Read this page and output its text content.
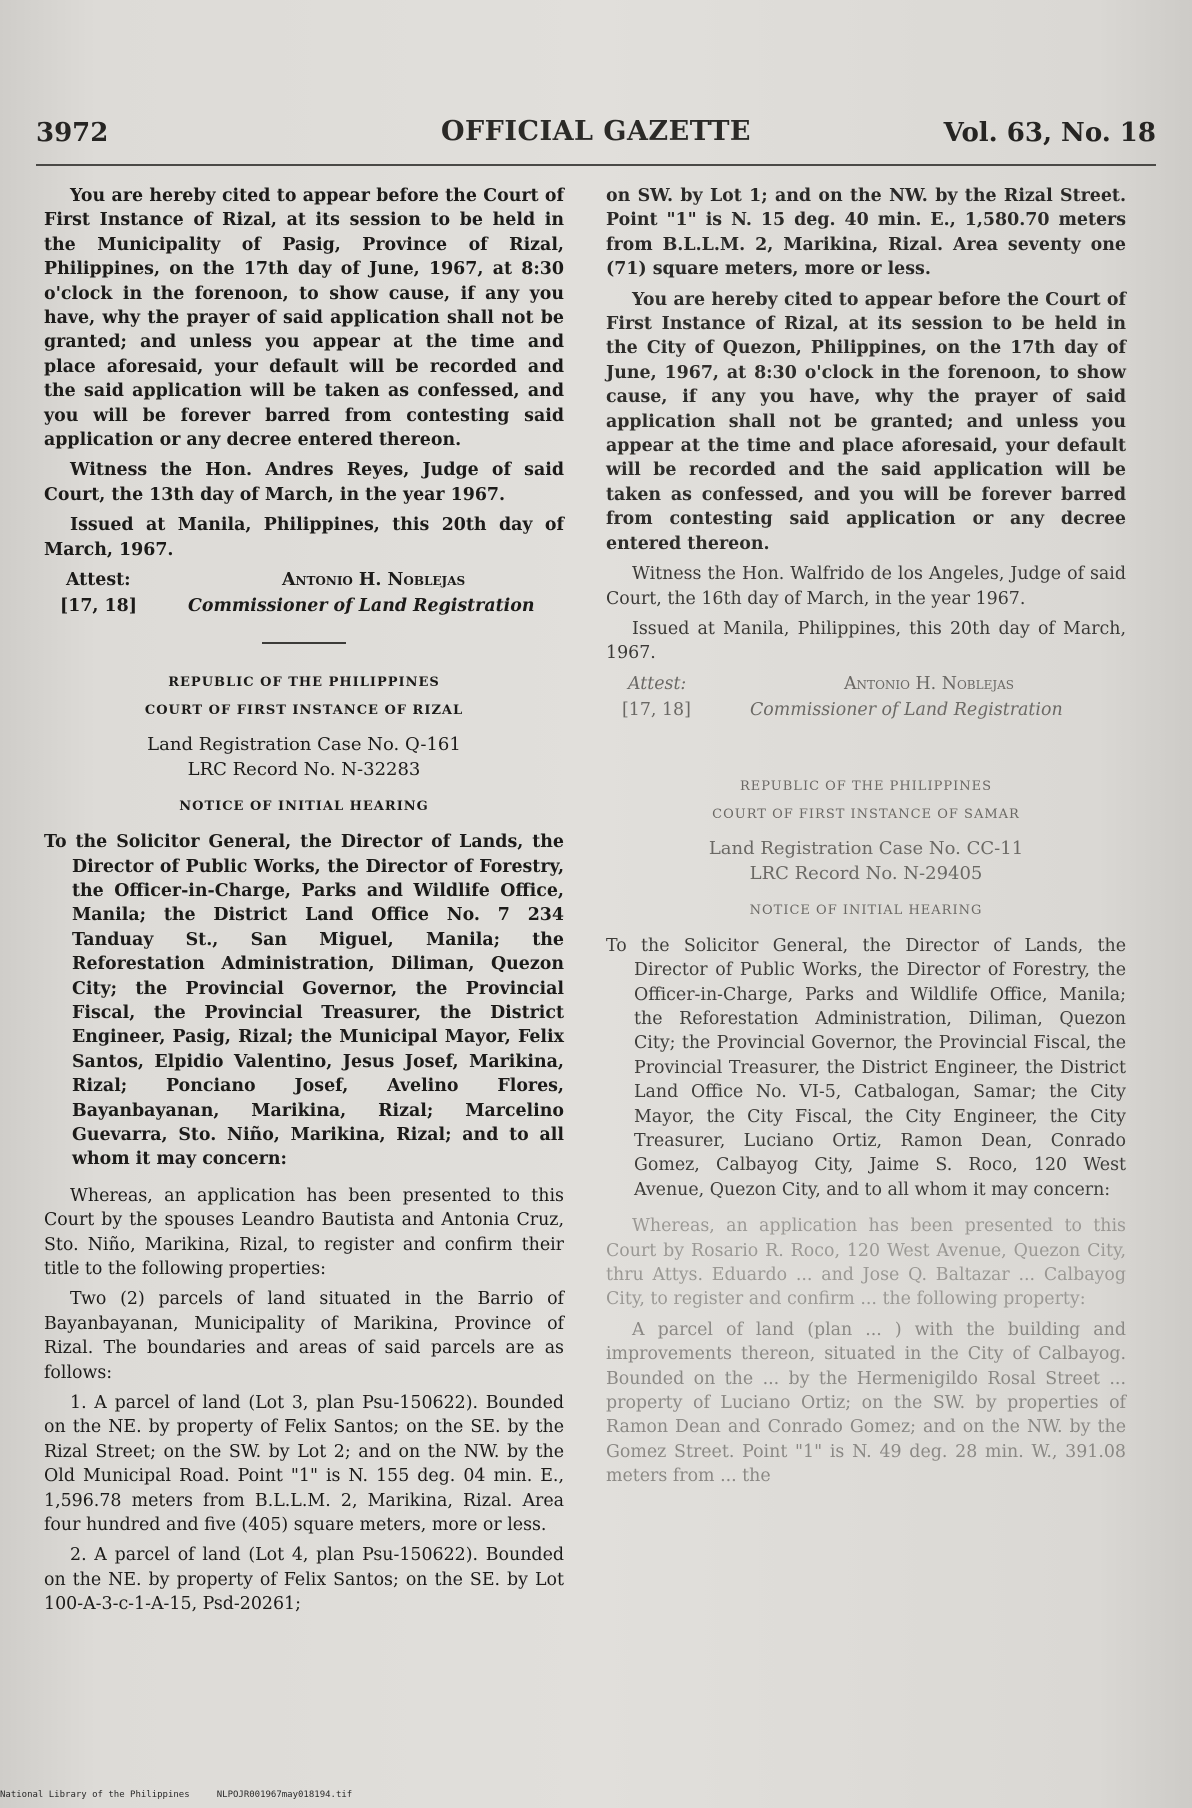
3972	OFFICIAL GAZETTE	Vol. 63, No. 18

You are hereby cited to appear before the Court of First Instance of Rizal, at its session to be held in the Municipality of Pasig, Province of Rizal, Philippines, on the 17th day of June, 1967, at 8:30 o'clock in the forenoon, to show cause, if any you have, why the prayer of said application shall not be granted; and unless you appear at the time and place aforesaid, your default will be recorded and the said application will be taken as confessed, and you will be forever barred from contesting said application or any decree entered thereon.

Witness the Hon. Andres Reyes, Judge of said Court, the 13th day of March, in the year 1967.

Issued at Manila, Philippines, this 20th day of March, 1967.

Attest:
[17, 18]
Antonio H. Noblejas
Commissioner of Land Registration

REPUBLIC OF THE PHILIPPINES

COURT OF FIRST INSTANCE OF RIZAL

Land Registration Case No. Q-161

LRC Record No. N-32283

NOTICE OF INITIAL HEARING

To the Solicitor General, the Director of Lands, the Director of Public Works, the Director of Forestry, the Officer-in-Charge, Parks and Wildlife Office, Manila; the District Land Office No. 7 234 Tanduay St., San Miguel, Manila; the Reforestation Administration, Diliman, Quezon City; the Provincial Governor, the Provincial Fiscal, the Provincial Treasurer, the District Engineer, Pasig, Rizal; the Municipal Mayor, Felix Santos, Elpidio Valentino, Jesus Josef, Marikina, Rizal; Ponciano Josef, Avelino Flores, Bayanbayanan, Marikina, Rizal; Marcelino Guevarra, Sto. Niño, Marikina, Rizal; and to all whom it may concern:

Whereas, an application has been presented to this Court by the spouses Leandro Bautista and Antonia Cruz, Sto. Niño, Marikina, Rizal, to register and confirm their title to the following properties:

Two (2) parcels of land situated in the Barrio of Bayanbayanan, Municipality of Marikina, Province of Rizal. The boundaries and areas of said parcels are as follows:

1. A parcel of land (Lot 3, plan Psu-150622). Bounded on the NE. by property of Felix Santos; on the SE. by the Rizal Street; on the SW. by Lot 2; and on the NW. by the Old Municipal Road. Point "1" is N. 155 deg. 04 min. E., 1,596.78 meters from B.L.L.M. 2, Marikina, Rizal. Area four hundred and five (405) square meters, more or less.

2. A parcel of land (Lot 4, plan Psu-150622). Bounded on the NE. by property of Felix Santos; on the SE. by Lot 100-A-3-c-1-A-15, Psd-20261;

on SW. by Lot 1; and on the NW. by the Rizal Street. Point "1" is N. 15 deg. 40 min. E., 1,580.70 meters from B.L.L.M. 2, Marikina, Rizal. Area seventy one (71) square meters, more or less.

You are hereby cited to appear before the Court of First Instance of Rizal, at its session to be held in the City of Quezon, Philippines, on the 17th day of June, 1967, at 8:30 o'clock in the forenoon, to show cause, if any you have, why the prayer of said application shall not be granted; and unless you appear at the time and place aforesaid, your default will be recorded and the said application will be taken as confessed, and you will be forever barred from contesting said application or any decree entered thereon.

Witness the Hon. Walfrido de los Angeles, Judge of said Court, the 16th day of March, in the year 1967.

Issued at Manila, Philippines, this 20th day of March, 1967.

Attest:
[17, 18]
Antonio H. Noblejas
Commissioner of Land Registration

REPUBLIC OF THE PHILIPPINES

COURT OF FIRST INSTANCE OF SAMAR

Land Registration Case No. CC-11

LRC Record No. N-29405

NOTICE OF INITIAL HEARING

To the Solicitor General, the Director of Lands, the Director of Public Works, the Director of Forestry, the Officer-in-Charge, Parks and Wildlife Office, Manila; the Reforestation Administration, Diliman, Quezon City; the Provincial Governor, the Provincial Fiscal, the Provincial Treasurer, the District Engineer, the District Land Office No. VI-5, Catbalogan, Samar; the City Mayor, the City Fiscal, the City Engineer, the City Treasurer, Luciano Ortiz, Ramon Dean, Conrado Gomez, Calbayog City, Jaime S. Roco, 120 West Avenue, Quezon City, and to all whom it may concern:

Whereas, an application has been presented to this Court by Rosario R. Roco, 120 West Avenue, Quezon City, thru Attys. Eduardo ... and Jose Q. Baltazar ... Calbayog City, to register and confirm ... the following property:

A parcel of land (plan ... ) with the building and improvements thereon, situated in the City of Calbayog. Bounded on the ... by the Hermenigildo Rosal Street ... property of Luciano Ortiz; on the SW. by properties of Ramon Dean and Conrado Gomez; and on the NW. by the Gomez Street. Point "1" is N. 49 deg. 28 min. W., 391.08 meters from ... the

National Library of the Philippines     NLPOJR001967may018194.tif
